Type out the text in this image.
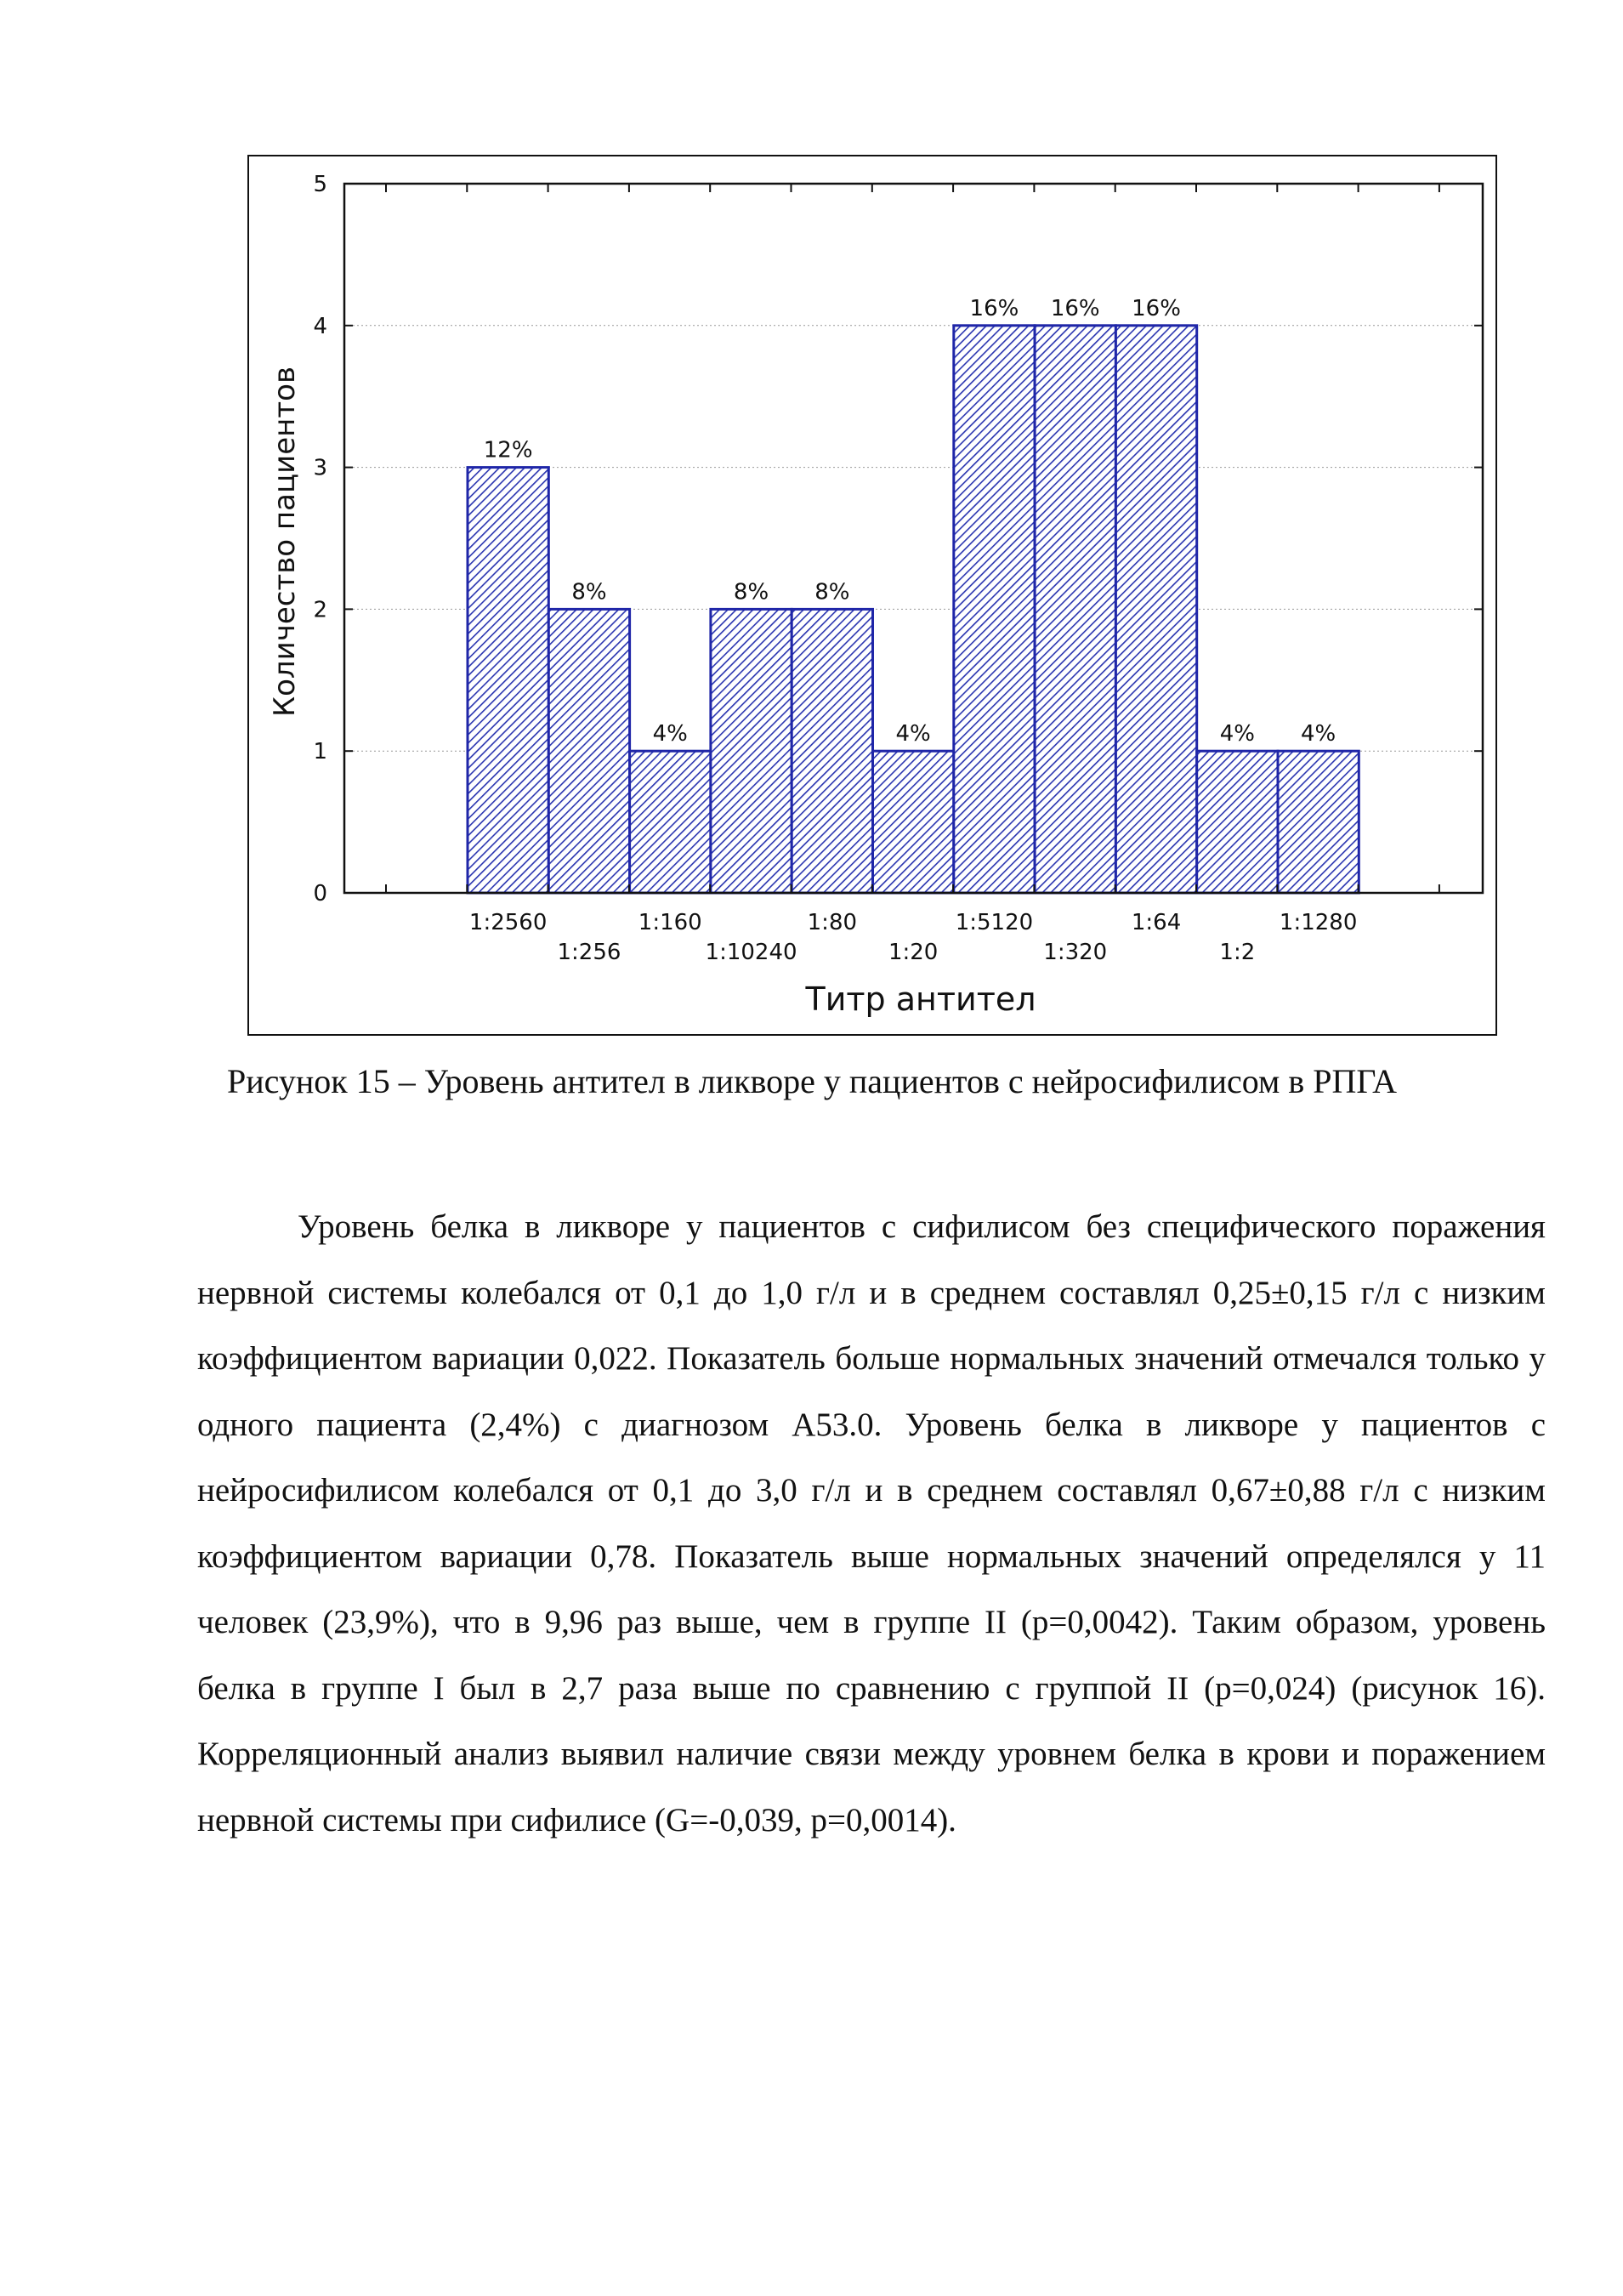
0
1
2
3
4
5
12%
1:2560
8%
1:256
4%
1:160
8%
1:10240
8%
1:80
4%
1:20
16%
1:5120
16%
1:320
16%
1:64
4%
1:2
4%
1:1280
Количество пациентов
Титр антител
Рисунок 15 – Уровень антител в ликворе у пациентов с нейросифилисом в РПГА

Уровень белка в ликворе у пациентов с сифилисом без специфического поражения нервной системы колебался от 0,1 до 1,0 г/л и в среднем составлял 0,25±0,15 г/л с низким коэффициентом вариации 0,022. Показатель больше нормальных значений отмечался только у одного пациента (2,4%) с диагнозом А53.0. Уровень белка в ликворе у пациентов с нейросифилисом колебался от 0,1 до 3,0 г/л и в среднем составлял 0,67±0,88 г/л с низким коэффициентом вариации 0,78. Показатель выше нормальных значений определялся у 11 человек (23,9%), что в 9,96 раз выше, чем в группе II (p=0,0042). Таким образом, уровень белка в группе I был в 2,7 раза выше по сравнению с группой II (p=0,024) (рисунок 16). Корреляционный анализ выявил наличие связи между уровнем белка в крови и поражением нервной системы при сифилисе (G=-0,039, p=0,0014).
